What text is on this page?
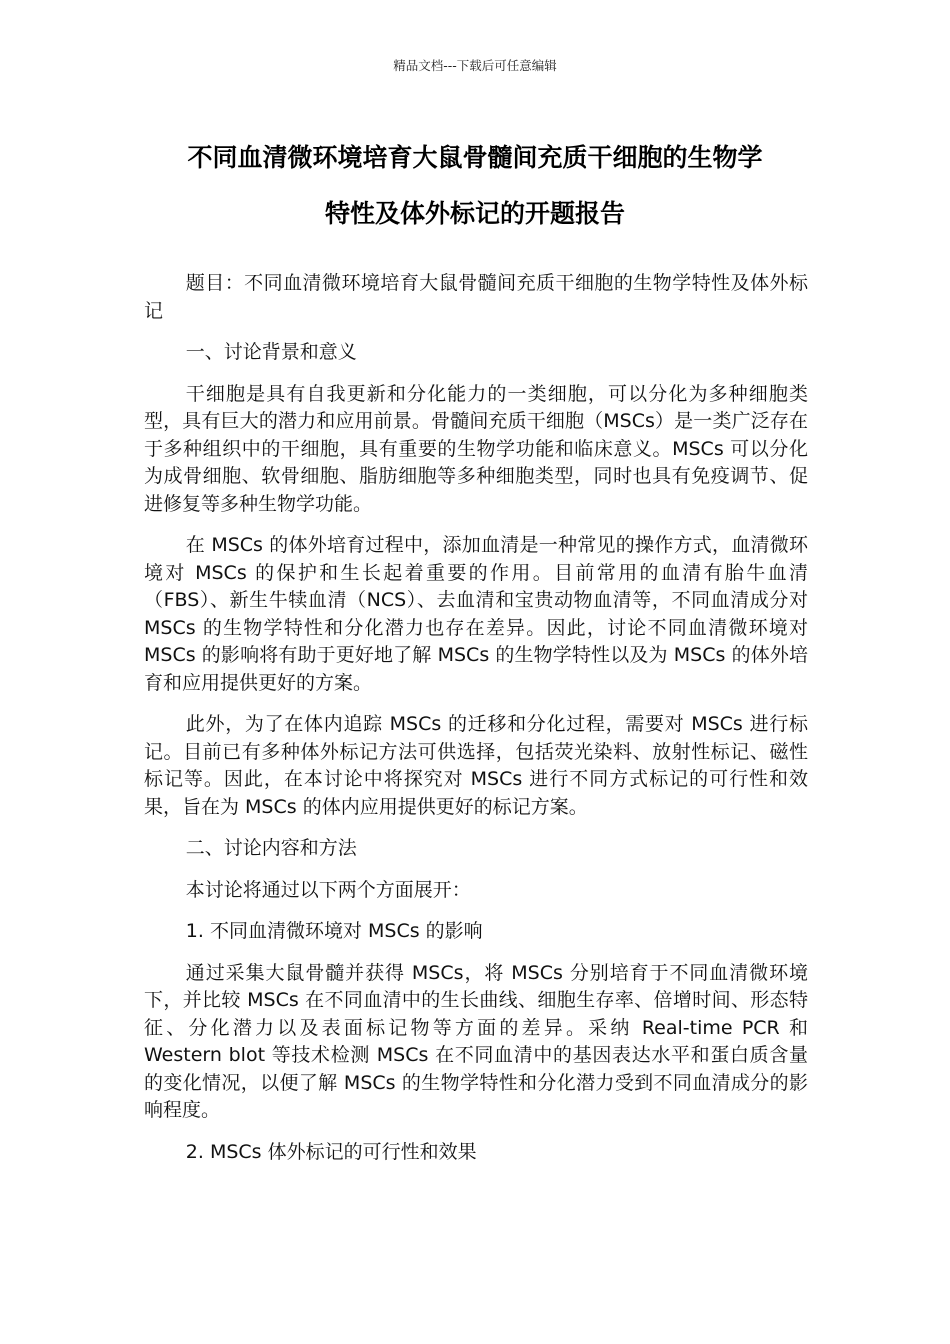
精品文档---下载后可任意编辑
不同血清微环境培育大鼠骨髓间充质干细胞的生物学
特性及体外标记的开题报告

题目：不同血清微环境培育大鼠骨髓间充质干细胞的生物学特性及体外标记

一、讨论背景和意义

干细胞是具有自我更新和分化能力的一类细胞，可以分化为多种细胞类型，具有巨大的潜力和应用前景。骨髓间充质干细胞（MSCs）是一类广泛存在于多种组织中的干细胞，具有重要的生物学功能和临床意义。MSCs 可以分化为成骨细胞、软骨细胞、脂肪细胞等多种细胞类型，同时也具有免疫调节、促进修复等多种生物学功能。

在 MSCs 的体外培育过程中，添加血清是一种常见的操作方式，血清微环境对 MSCs 的保护和生长起着重要的作用。目前常用的血清有胎牛血清（FBS）、新生牛犊血清（NCS）、去血清和宝贵动物血清等，不同血清成分对 MSCs 的生物学特性和分化潜力也存在差异。因此，讨论不同血清微环境对 MSCs 的影响将有助于更好地了解 MSCs 的生物学特性以及为 MSCs 的体外培育和应用提供更好的方案。

此外，为了在体内追踪 MSCs 的迁移和分化过程，需要对 MSCs 进行标记。目前已有多种体外标记方法可供选择，包括荧光染料、放射性标记、磁性标记等。因此，在本讨论中将探究对 MSCs 进行不同方式标记的可行性和效果，旨在为 MSCs 的体内应用提供更好的标记方案。

二、讨论内容和方法

本讨论将通过以下两个方面展开：

1. 不同血清微环境对 MSCs 的影响

通过采集大鼠骨髓并获得 MSCs，将 MSCs 分别培育于不同血清微环境下，并比较 MSCs 在不同血清中的生长曲线、细胞生存率、倍增时间、形态特征、分化潜力以及表面标记物等方面的差异。采纳 Real-time PCR 和 Western blot 等技术检测 MSCs 在不同血清中的基因表达水平和蛋白质含量的变化情况，以便了解 MSCs 的生物学特性和分化潜力受到不同血清成分的影响程度。

2. MSCs 体外标记的可行性和效果
